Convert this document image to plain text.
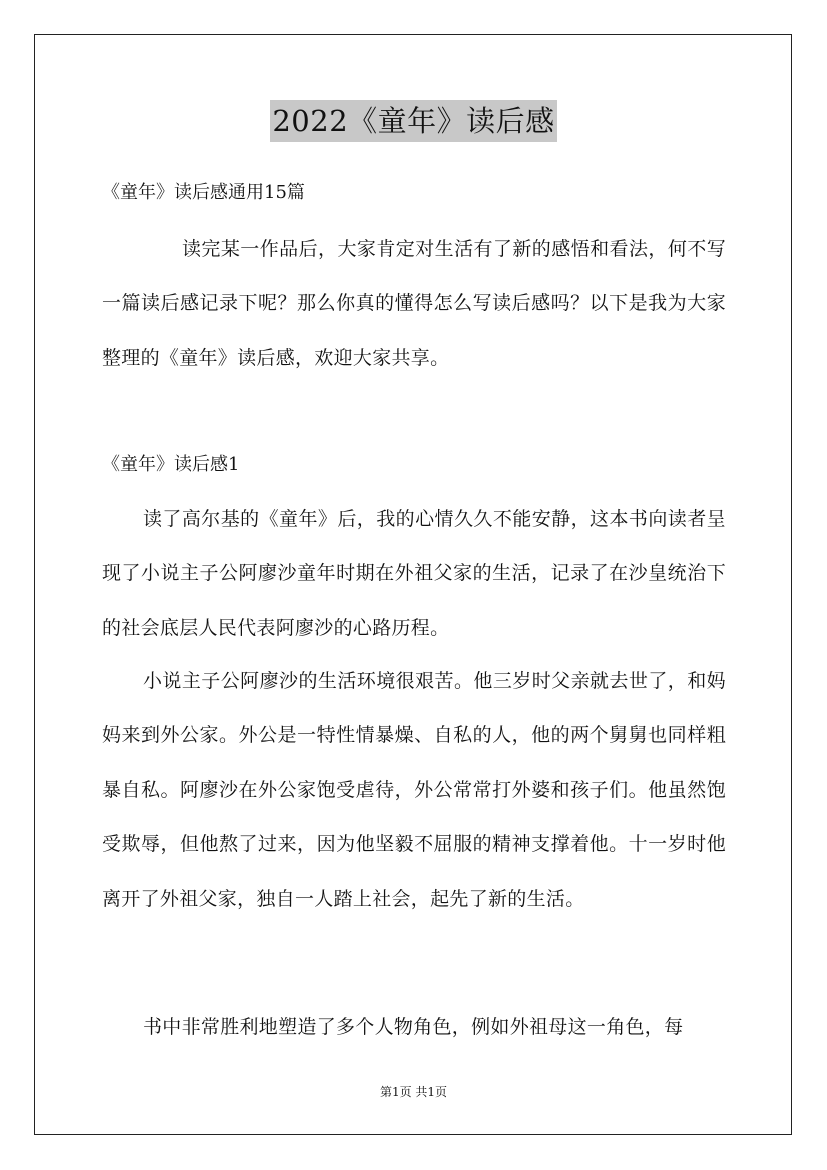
2022《童年》读后感
《童年》读后感通用15篇
读完某一作品后，大家肯定对生活有了新的感悟和看法，何不写一篇读后感记录下呢？那么你真的懂得怎么写读后感吗？以下是我为大家整理的《童年》读后感，欢迎大家共享。
《童年》读后感1
读了高尔基的《童年》后，我的心情久久不能安静，这本书向读者呈现了小说主子公阿廖沙童年时期在外祖父家的生活，记录了在沙皇统治下的社会底层人民代表阿廖沙的心路历程。
小说主子公阿廖沙的生活环境很艰苦。他三岁时父亲就去世了，和妈妈来到外公家。外公是一特性情暴燥、自私的人，他的两个舅舅也同样粗暴自私。阿廖沙在外公家饱受虐待，外公常常打外婆和孩子们。他虽然饱受欺辱，但他熬了过来，因为他坚毅不屈服的精神支撑着他。十一岁时他离开了外祖父家，独自一人踏上社会，起先了新的生活。
书中非常胜利地塑造了多个人物角色，例如外祖母这一角色，每
第1页 共1页
